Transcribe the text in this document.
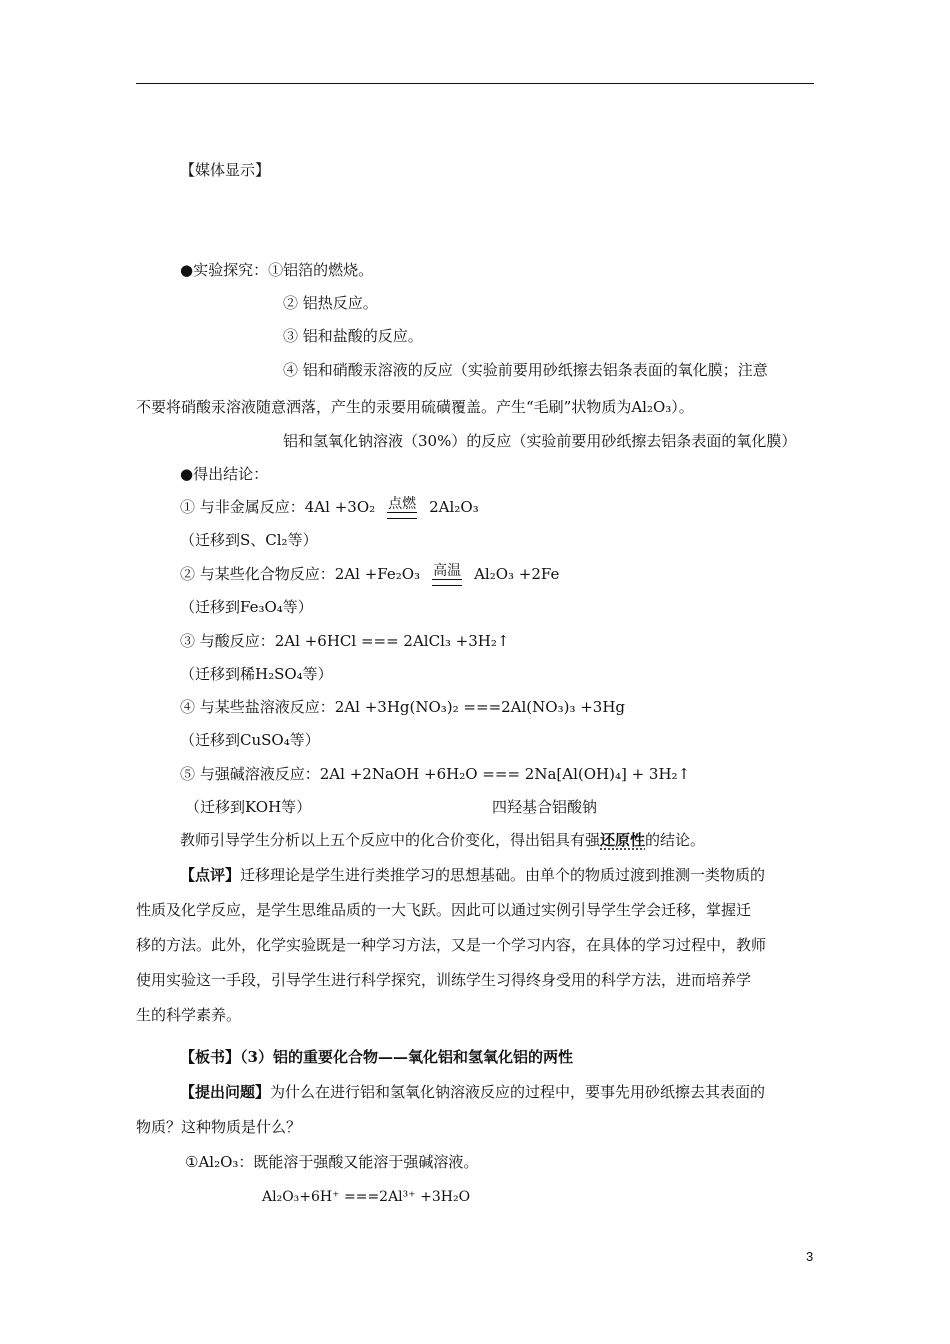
【媒体显示】
●实验探究：①铝箔的燃烧。
② 铝热反应。
③ 铝和盐酸的反应。
④ 铝和硝酸汞溶液的反应（实验前要用砂纸擦去铝条表面的氧化膜；注意
不要将硝酸汞溶液随意洒落，产生的汞要用硫磺覆盖。产生“毛刷”状物质为Al₂O₃）。
铝和氢氧化钠溶液（30%）的反应（实验前要用砂纸擦去铝条表面的氧化膜）
●得出结论：
① 与非金属反应：4Al +3O₂ 点燃 2Al₂O₃
（迁移到S、Cl₂等）
② 与某些化合物反应：2Al +Fe₂O₃ 高温 Al₂O₃ +2Fe
（迁移到Fe₃O₄等）
③ 与酸反应：2Al +6HCl === 2AlCl₃ +3H₂↑
（迁移到稀H₂SO₄等）
④ 与某些盐溶液反应：2Al +3Hg(NO₃)₂ ===2Al(NO₃)₃ +3Hg
（迁移到CuSO₄等）
⑤ 与强碱溶液反应：2Al +2NaOH +6H₂O === 2Na[Al(OH)₄] + 3H₂↑
（迁移到KOH等）	四羟基合铝酸钠
教师引导学生分析以上五个反应中的化合价变化，得出铝具有强还原性的结论。
【点评】迁移理论是学生进行类推学习的思想基础。由单个的物质过渡到推测一类物质的
性质及化学反应，是学生思维品质的一大飞跃。因此可以通过实例引导学生学会迁移，掌握迁
移的方法。此外，化学实验既是一种学习方法，又是一个学习内容，在具体的学习过程中，教师
使用实验这一手段，引导学生进行科学探究，训练学生习得终身受用的科学方法，进而培养学
生的科学素养。
【板书】（3）铝的重要化合物——氧化铝和氢氧化铝的两性
【提出问题】为什么在进行铝和氢氧化钠溶液反应的过程中，要事先用砂纸擦去其表面的
物质？这种物质是什么？
①Al₂O₃：既能溶于强酸又能溶于强碱溶液。
Al₂O₃+6H⁺ ===2Al³⁺ +3H₂O
3
